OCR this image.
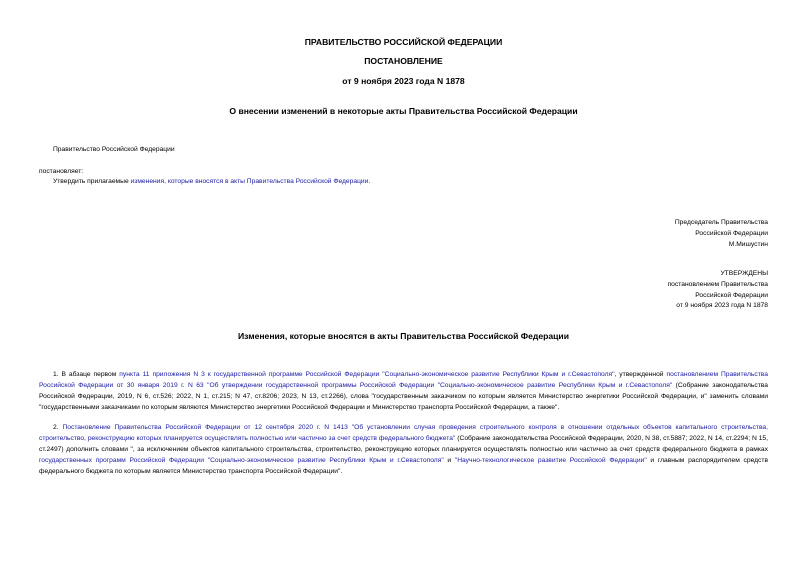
ПРАВИТЕЛЬСТВО РОССИЙСКОЙ ФЕДЕРАЦИИ
ПОСТАНОВЛЕНИЕ
от 9 ноября 2023 года N 1878
О внесении изменений в некоторые акты Правительства Российской Федерации
Правительство Российской Федерации
постановляет:
Утвердить прилагаемые изменения, которые вносятся в акты Правительства Российской Федерации.
Председатель Правительства
Российской Федерации
М.Мишустин
УТВЕРЖДЕНЫ
постановлением Правительства
Российской Федерации
от 9 ноября 2023 года N 1878
Изменения, которые вносятся в акты Правительства Российской Федерации
1. В абзаце первом пункта 11 приложения N 3 к государственной программе Российской Федерации "Социально-экономическое развитие Республики Крым и г.Севастополя", утвержденной постановлением Правительства Российской Федерации от 30 января 2019 г. N 63 "Об утверждении государственной программы Российской Федерации "Социально-экономическое развитие Республики Крым и г.Севастополя" (Собрание законодательства Российской Федерации, 2019, N 6, ст.526; 2022, N 1, ст.215; N 47, ст.8206; 2023, N 13, ст.2266), слова "государственным заказчиком по которым является Министерство энергетики Российской Федерации, и" заменить словами "государственными заказчиками по которым являются Министерство энергетики Российской Федерации и Министерство транспорта Российской Федерации, а также".
2. Постановление Правительства Российской Федерации от 12 сентября 2020 г. N 1413 "Об установлении случая проведения строительного контроля в отношении отдельных объектов капитального строительства, строительство, реконструкцию которых планируется осуществлять полностью или частично за счет средств федерального бюджета" (Собрание законодательства Российской Федерации, 2020, N 38, ст.5887; 2022, N 14, ст.2294; N 15, ст.2497) дополнить словами ", за исключением объектов капитального строительства, строительство, реконструкцию которых планируется осуществлять полностью или частично за счет средств федерального бюджета в рамках государственных программ Российской Федерации "Социально-экономическое развитие Республики Крым и г.Севастополя" и "Научно-технологическое развитие Российской Федерации" и главным распорядителем средств федерального бюджета по которым является Министерство транспорта Российской Федерации".
